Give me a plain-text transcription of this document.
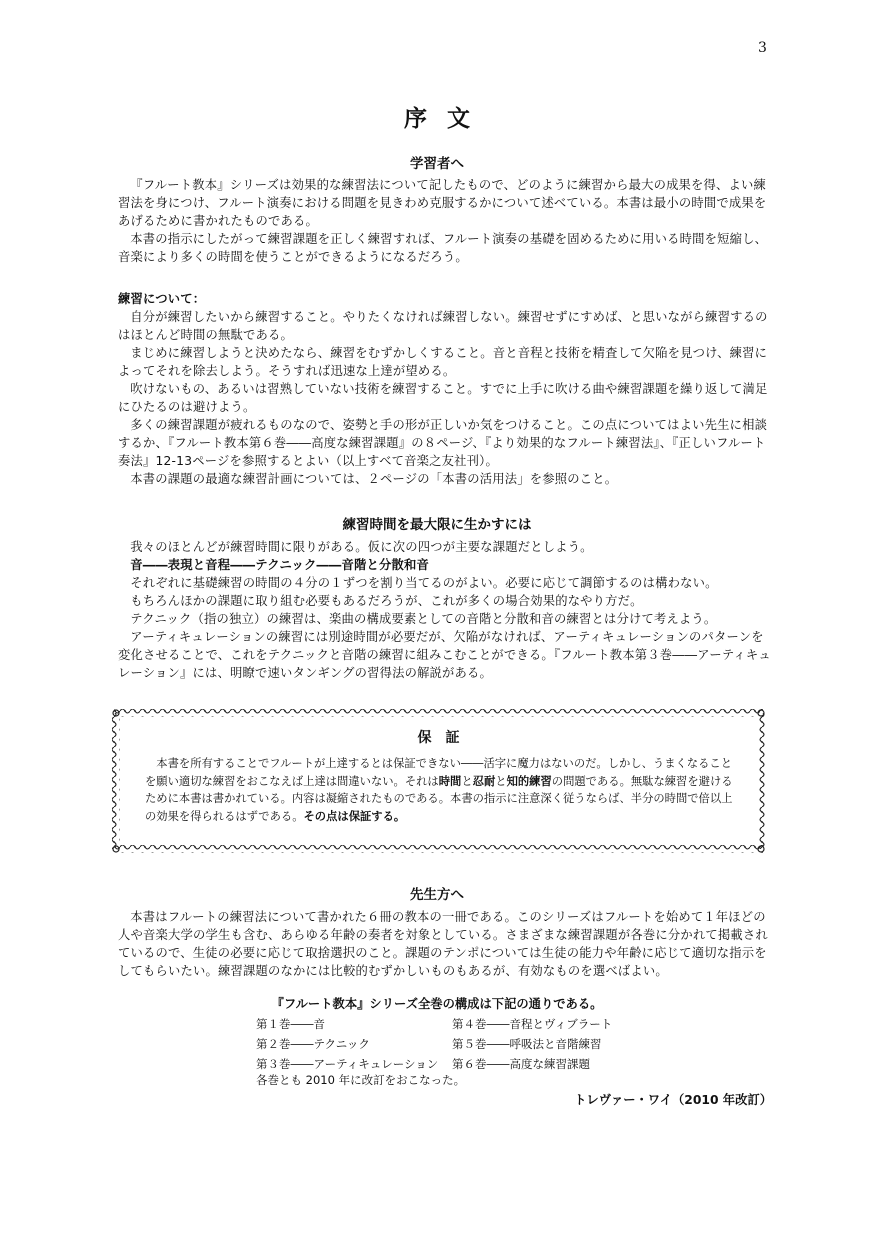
3
序文
学習者へ

『フルート教本』シリーズは効果的な練習法について記したもので、どのように練習から最大の成果を得、よい練習法を身につけ、フルート演奏における問題を見きわめ克服するかについて述べている。本書は最小の時間で成果をあげるために書かれたものである。

本書の指示にしたがって練習課題を正しく練習すれば、フルート演奏の基礎を固めるために用いる時間を短縮し、音楽により多くの時間を使うことができるようになるだろう。

練習について：

自分が練習したいから練習すること。やりたくなければ練習しない。練習せずにすめば、と思いながら練習するのはほとんど時間の無駄である。

まじめに練習しようと決めたなら、練習をむずかしくすること。音と音程と技術を精査して欠陥を見つけ、練習によってそれを除去しよう。そうすれば迅速な上達が望める。

吹けないもの、あるいは習熟していない技術を練習すること。すでに上手に吹ける曲や練習課題を繰り返して満足にひたるのは避けよう。

多くの練習課題が疲れるものなので、姿勢と手の形が正しいか気をつけること。この点についてはよい先生に相談するか、『フルート教本第６巻――高度な練習課題』の８ページ、『より効果的なフルート練習法』、『正しいフルート奏法』12-13ページを参照するとよい（以上すべて音楽之友社刊）。

本書の課題の最適な練習計画については、２ページの「本書の活用法」を参照のこと。

練習時間を最大限に生かすには

我々のほとんどが練習時間に限りがある。仮に次の四つが主要な課題だとしよう。

音――表現と音程――テクニック――音階と分散和音

それぞれに基礎練習の時間の４分の１ずつを割り当てるのがよい。必要に応じて調節するのは構わない。

もちろんほかの課題に取り組む必要もあるだろうが、これが多くの場合効果的なやり方だ。

テクニック（指の独立）の練習は、楽曲の構成要素としての音階と分散和音の練習とは分けて考えよう。

アーティキュレーションの練習には別途時間が必要だが、欠陥がなければ、アーティキュレーションのパターンを変化させることで、これをテクニックと音階の練習に組みこむことができる。『フルート教本第３巻――アーティキュレーション』には、明瞭で速いタンギングの習得法の解説がある。

保証

本書を所有することでフルートが上達するとは保証できない――活字に魔力はないのだ。しかし、うまくなることを願い適切な練習をおこなえば上達は間違いない。それは時間と忍耐と知的練習の問題である。無駄な練習を避けるために本書は書かれている。内容は凝縮されたものである。本書の指示に注意深く従うならば、半分の時間で倍以上の効果を得られるはずである。その点は保証する。

先生方へ

本書はフルートの練習法について書かれた６冊の教本の一冊である。このシリーズはフルートを始めて１年ほどの人や音楽大学の学生も含む、あらゆる年齢の奏者を対象としている。さまざまな練習課題が各巻に分かれて掲載されているので、生徒の必要に応じて取捨選択のこと。課題のテンポについては生徒の能力や年齢に応じて適切な指示をしてもらいたい。練習課題のなかには比較的むずかしいものもあるが、有効なものを選べばよい。

『フルート教本』シリーズ全巻の構成は下記の通りである。
第１巻――音
第２巻――テクニック
第３巻――アーティキュレーション
第４巻――音程とヴィブラート
第５巻――呼吸法と音階練習
第６巻――高度な練習課題
各巻とも 2010 年に改訂をおこなった。
トレヴァー・ワイ（2010 年改訂）
